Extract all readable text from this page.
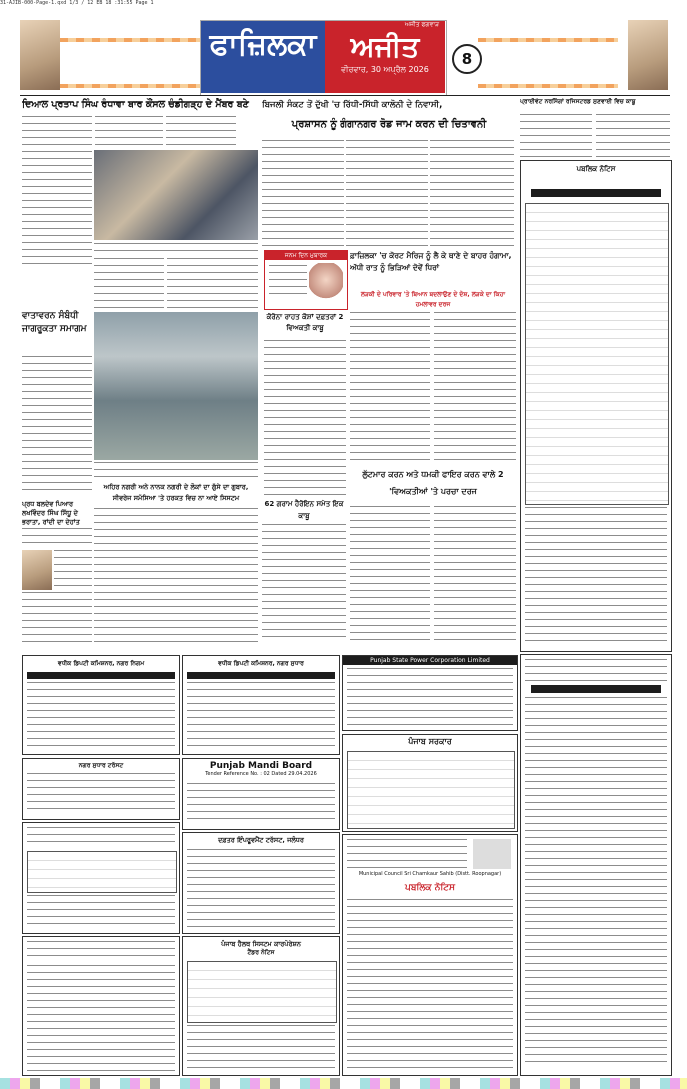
31-AJIB-000-Page-1.qxd 1/3 / 12 EB 18 :31:55 Page 1
ਫਾਜ਼ਿਲਕਾ
ਅਜੀਤ ਫਗਵਾੜ
ਅਜੀਤ
ਵੀਰਵਾਰ, 30 ਅਪ੍ਰੈਲ 2026
8
ਦਿਆਲ ਪ੍ਰਤਾਪ ਸਿੰਘ ਰੰਧਾਵਾ ਬਾਰ ਕੌਂਸਲ ਚੰਡੀਗੜ੍ਹ ਦੇ ਮੈਂਬਰ ਬਣੇ
ਵਾਤਾਵਰਨ ਸੰਬੰਧੀ ਜਾਗਰੂਕਤਾ ਸਮਾਗਮ
ਪ੍ਰਧ ਬਲਦੇਵ ਪਿਆਰ ਲਖਵਿੰਦਰ ਸਿੰਘ ਸਿੱਧੂ ਦੇ ਭਰਾਤਾ, ਰਾਂਦੀ ਦਾ ਦੇਹਾਂਤ
ਅਹਿਰ ਨਗਰੀ ਅਨੇ ਨਾਨਕ ਨਗਰੀ ਦੇ ਲੋਕਾਂ ਦਾ ਗੁੱਸੇ ਦਾ ਗੁਬਾਰ, ਸੀਵਰੇਜ ਸਮੱਸਿਆ 'ਤੇ ਹਰਕਤ ਵਿਚ ਨਾ ਆਏ ਸਿਸਟਮ
ਬਿਜਲੀ ਸੰਕਟ ਤੋਂ ਦੁੱਖੀ 'ਚ ਰਿੱਧੀ-ਸਿੱਧੀ ਕਾਲੋਨੀ ਦੇ ਨਿਵਾਸੀ,
ਪ੍ਰਸ਼ਾਸਨ ਨੂੰ ਗੰਗਾਨਗਰ ਰੋਡ ਜਾਮ ਕਰਨ ਦੀ ਚਿਤਾਵਨੀ
ਜਨਮ ਦਿਨ ਮੁਬਾਰਕ
ਕੋਰੋਨਾ ਰਾਹਤ ਕੋਸ਼ਾਂ ਦਫ਼ਤਰਾਂ 2 ਵਿਅਕਤੀ ਕਾਬੂ
ਫ਼ਾਜ਼ਿਲਕਾ 'ਚ ਕੋਰਟ ਮੈਰਿਜ ਨੂੰ ਲੈ ਕੇ ਥਾਣੇ ਦੇ ਬਾਹਰ ਹੰਗਾਮਾ, ਅੱਧੀ ਰਾਤ ਨੂੰ ਭਿੜਿਆਂ ਦੋਵੇਂ ਧਿਰਾਂ
ਲੜਕੀ ਦੇ ਪਰਿਵਾਰ 'ਤੇ ਬਿਆਨ ਬਦਲਾਉਣ ਦੇ ਦੋਸ਼, ਲੜਕੇ ਦਾ ਕਿਹਾ ਹਮਲਾਵਰ ਦਰਜ
62 ਗਰਾਮ ਹੈਰੋਇਨ ਸਮੇਤ ਇਕ ਕਾਬੂ
ਲੁੱਟਮਾਰ ਕਰਨ ਅਤੇ ਧਮਕੀ ਫਾਇਰ ਕਰਨ ਵਾਲੇ 2 'ਵਿਅਕਤੀਆਂ 'ਤੇ ਪਰਚਾ ਦਰਜ
ਪ੍ਰਾਈਵੇਟ ਨਰਸਿੰਗਾਂ ਰਜਿਸਟਰਡ ਸੁਣਵਾਈ ਵਿਚ ਕਾਬੂ
ਪਬਲਿਕ ਨੋਟਿਸ
ਵਧੀਕ ਡਿਪਟੀ ਕਮਿਸ਼ਨਰ, ਨਗਰ ਨਿਗਮ	ਵਧੀਕ ਡਿਪਟੀ ਕਮਿਸ਼ਨਰ, ਨਗਰ ਸੁਧਾਰ	Punjab State Power Corporation Limited
ਨਗਰ ਸੁਧਾਰ ਟਰੱਸਟ	Punjab Mandi Board
Tender Reference No. : 02 Dated 29.04.2026
ਪੰਜਾਬ ਸਰਕਾਰ
ਦਫ਼ਤਰ ਇੰਪਰੂਵਮੈਂਟ ਟਰੱਸਟ, ਜਲੰਧਰ
Municipal Council Sri Chamkaur Sahib (Distt. Roopnagar)
ਪਬਲਿਕ ਨੋਟਿਸ
ਪੰਜਾਬ ਹੈਲਥ ਸਿਸਟਮ ਕਾਰਪੋਰੇਸ਼ਨ
ਟੈਂਡਰ ਨੋਟਿਸ
